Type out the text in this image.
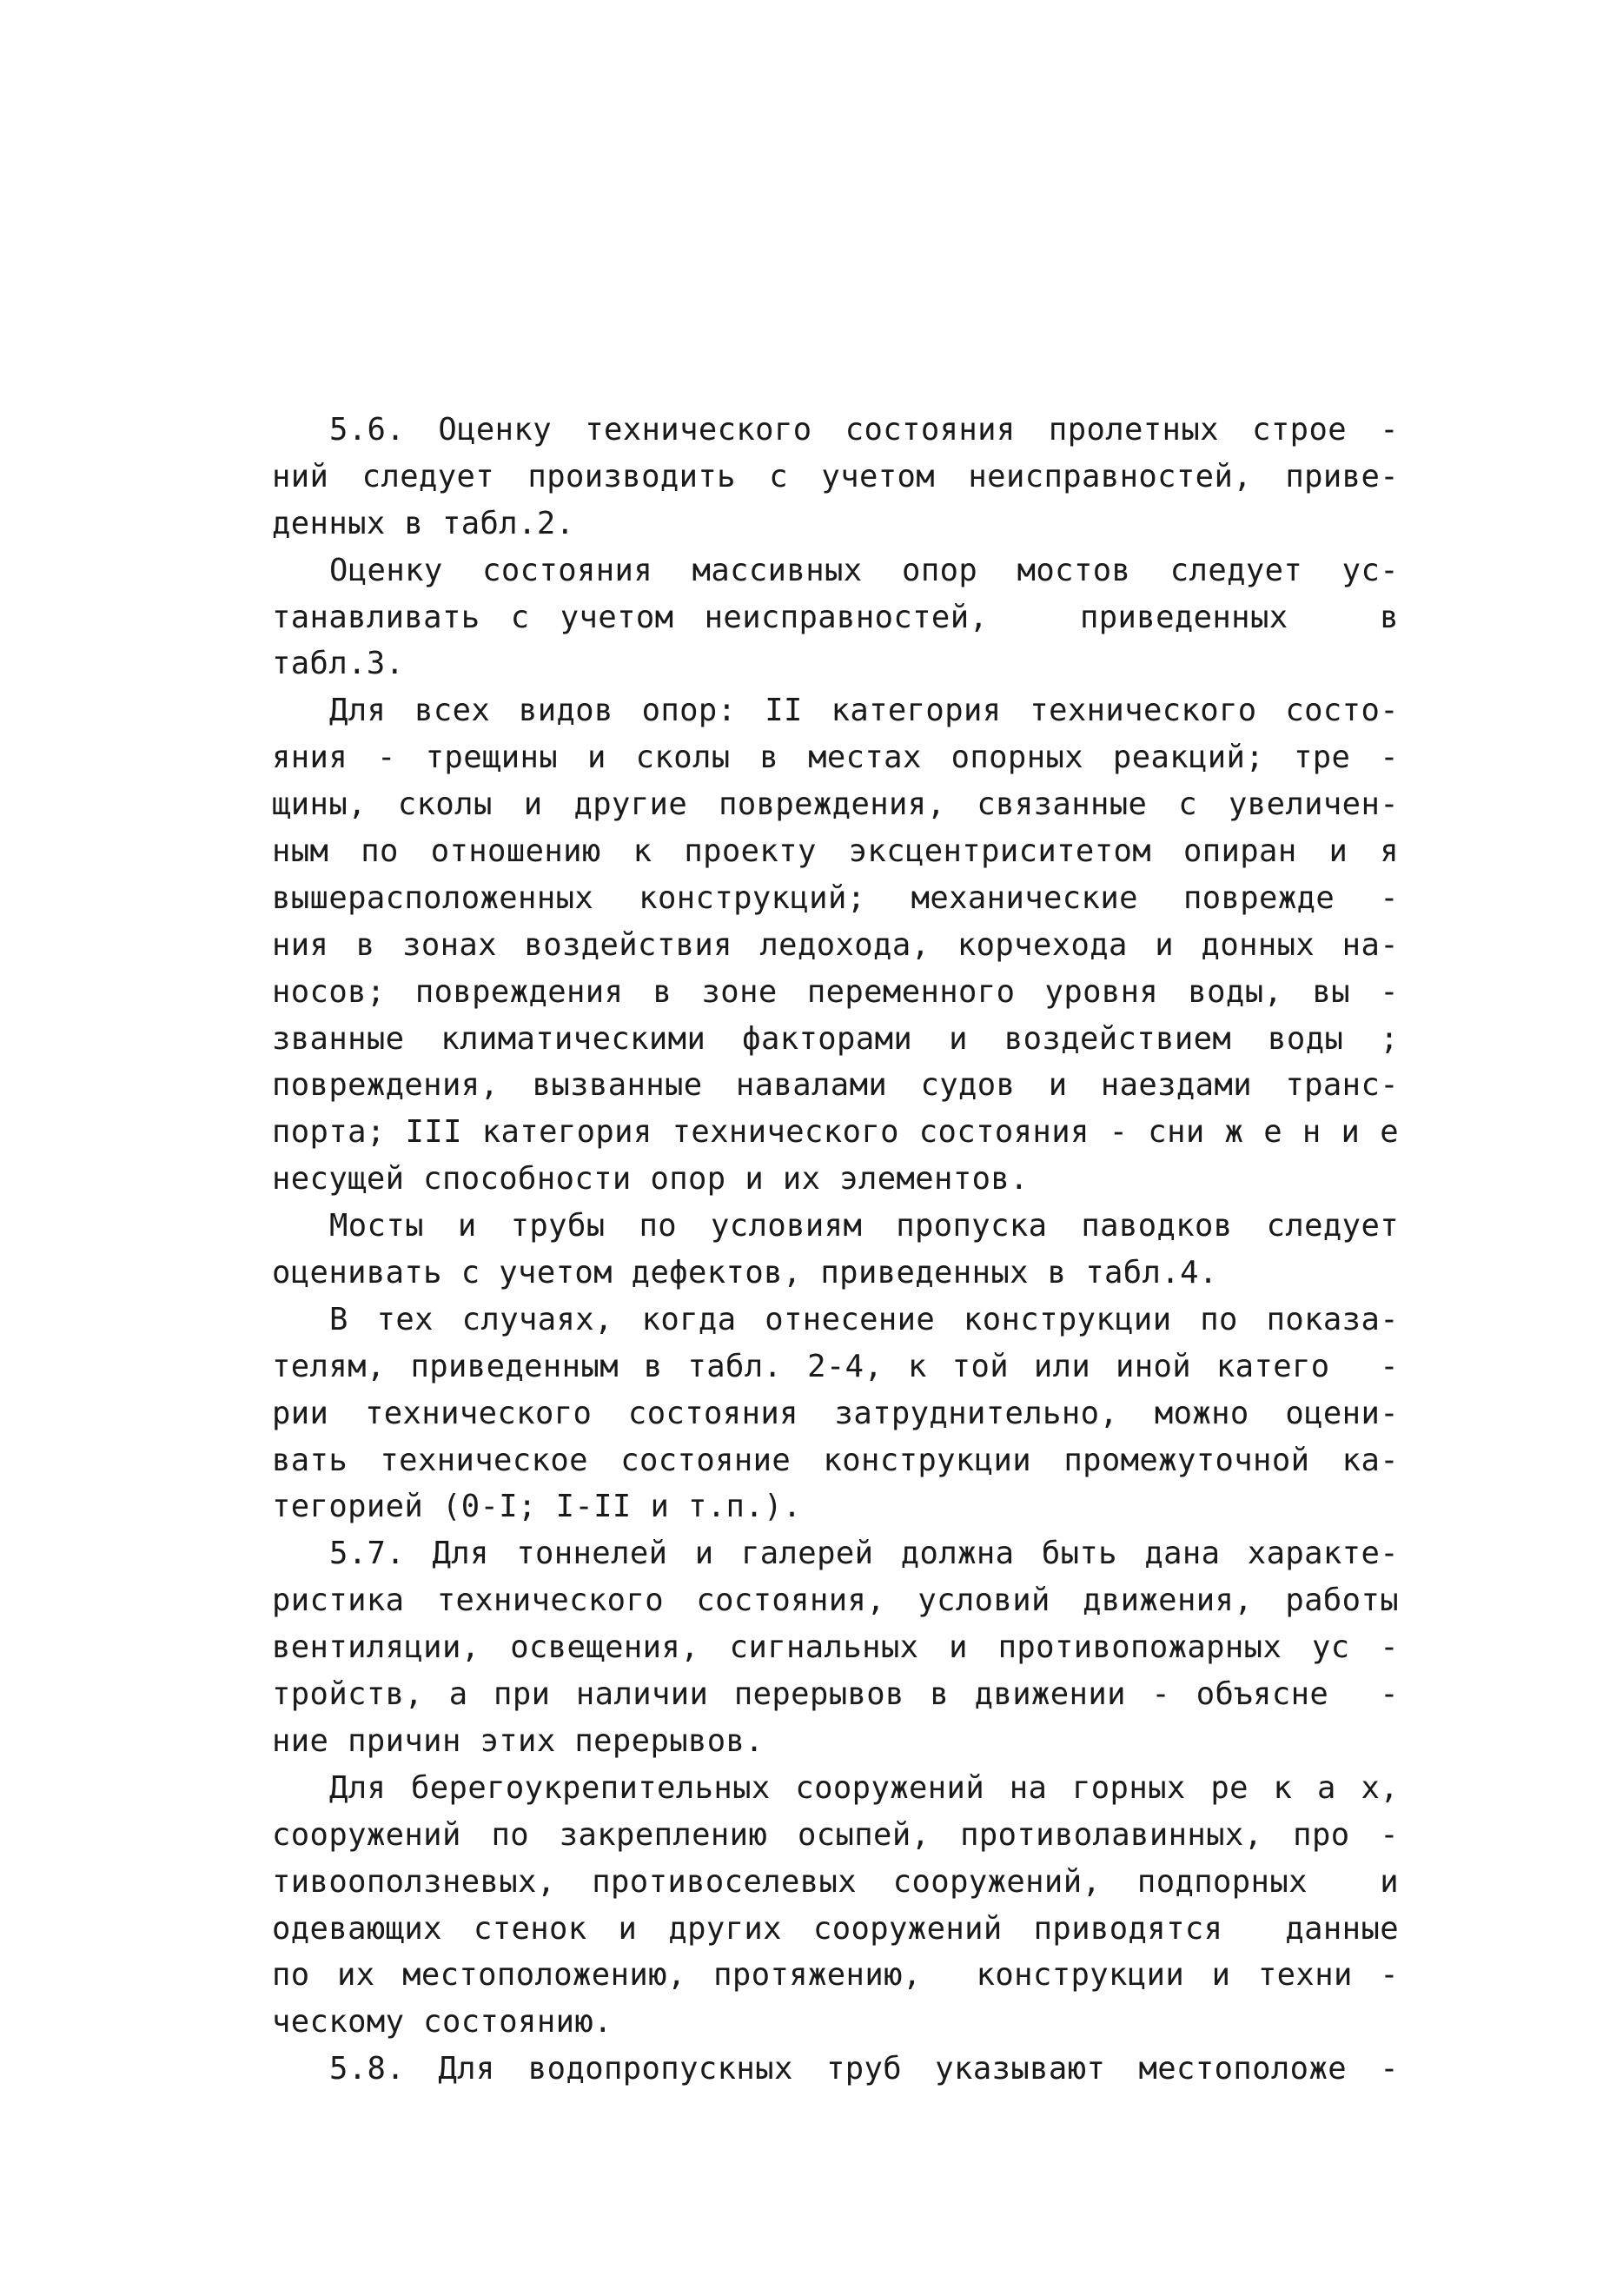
5.6. Оценку технического состояния пролетных строе -
ний следует производить с учетом неисправностей, приве-
денных в табл.2.
Оценку состояния массивных опор мостов следует ус-
танавливать с учетом неисправностей,   приведенных   в
табл.3.
Для всех видов опор: II категория технического состо-
яния - трещины и сколы в местах опорных реакций; тре -
щины, сколы и другие повреждения, связанные с увеличен-
ным по отношению к проекту эксцентриситетом опиран и я
вышерасположенных конструкций; механические поврежде -
ния в зонах воздействия ледохода, корчехода и донных на-
носов; повреждения в зоне переменного уровня воды, вы -
званные климатическими факторами и воздействием воды ;
повреждения, вызванные навалами судов и наездами транс-
порта; III категория технического состояния - сни ж е н и е
несущей способности опор и их элементов.
Мосты и трубы по условиям пропуска паводков следует
оценивать с учетом дефектов, приведенных в табл.4.
В тех случаях, когда отнесение конструкции по показа-
телям, приведенным в табл. 2-4, к той или иной катего  -
рии технического состояния затруднительно, можно оцени-
вать техническое состояние конструкции промежуточной ка-
тегорией (0-I; I-II и т.п.).
5.7. Для тоннелей и галерей должна быть дана характе-
ристика технического состояния, условий движения, работы
вентиляции, освещения, сигнальных и противопожарных ус -
тройств, а при наличии перерывов в движении - объясне  -
ние причин этих перерывов.
Для берегоукрепительных сооружений на горных ре к а х,
сооружений по закреплению осыпей, противолавинных, про -
тивооползневых, противоселевых сооружений, подпорных  и
одевающих стенок и других сооружений приводятся  данные
по их местоположению, протяжению,  конструкции и техни -
ческому состоянию.
5.8. Для водопропускных труб указывают местоположе -
